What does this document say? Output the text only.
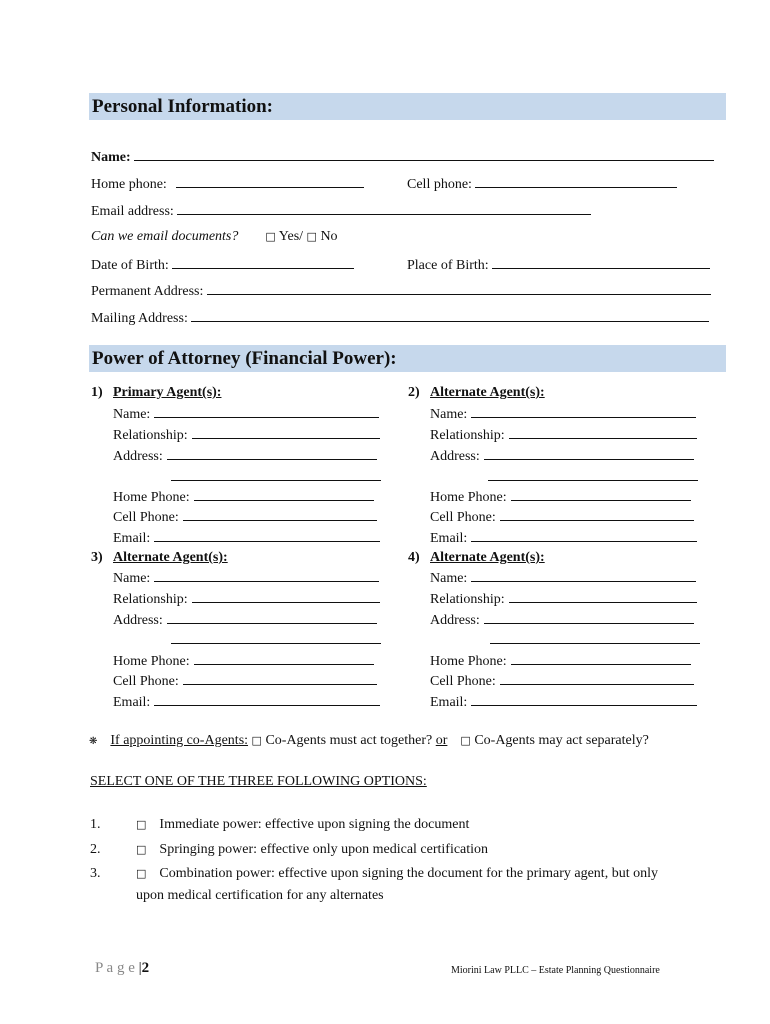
Personal Information:
Name:
Home phone:	Cell phone:
Email address:
Can we email documents? □ Yes/ □ No
Date of Birth:	Place of Birth:
Permanent Address:
Mailing Address:
Power of Attorney (Financial Power):
1) Primary Agent(s):
Name:
Relationship:
Address:
Home Phone:
Cell Phone:
Email:
2) Alternate Agent(s):
Name:
Relationship:
Address:
Home Phone:
Cell Phone:
Email:
3) Alternate Agent(s):
Name:
Relationship:
Address:
Home Phone:
Cell Phone:
Email:
4) Alternate Agent(s):
Name:
Relationship:
Address:
Home Phone:
Cell Phone:
Email:
❋ If appointing co-Agents: □ Co-Agents must act together? or □ Co-Agents may act separately?
SELECT ONE OF THE THREE FOLLOWING OPTIONS:
1.	□ Immediate power: effective upon signing the document
2.	□ Springing power: effective only upon medical certification
3.	□ Combination power: effective upon signing the document for the primary agent, but only
upon medical certification for any alternates
P a g e |2	Miorini Law PLLC – Estate Planning Questionnaire
